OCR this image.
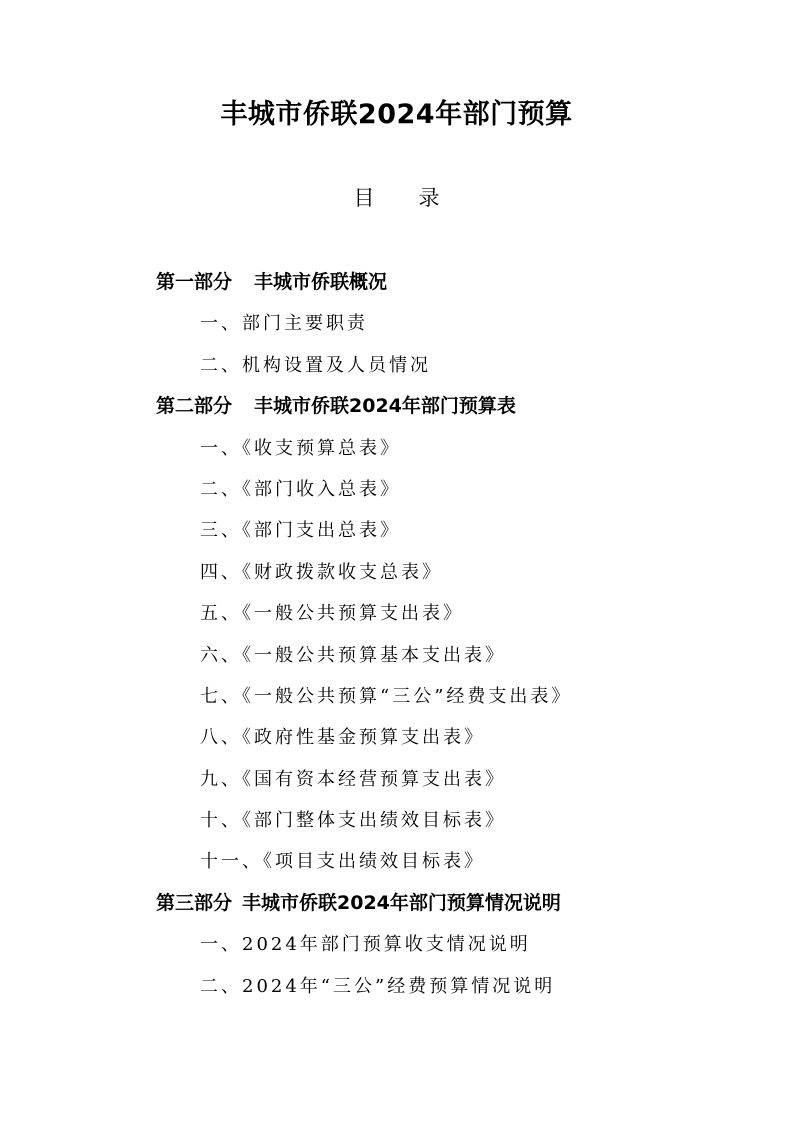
丰城市侨联2024年部门预算
目 录
第一部分 丰城市侨联概况
一、部门主要职责
二、机构设置及人员情况
第二部分 丰城市侨联2024年部门预算表
一、《收支预算总表》
二、《部门收入总表》
三、《部门支出总表》
四、《财政拨款收支总表》
五、《一般公共预算支出表》
六、《一般公共预算基本支出表》
七、《一般公共预算“三公”经费支出表》
八、《政府性基金预算支出表》
九、《国有资本经营预算支出表》
十、《部门整体支出绩效目标表》
十一、《项目支出绩效目标表》
第三部分 丰城市侨联2024年部门预算情况说明
一、2024年部门预算收支情况说明
二、2024年“三公”经费预算情况说明
